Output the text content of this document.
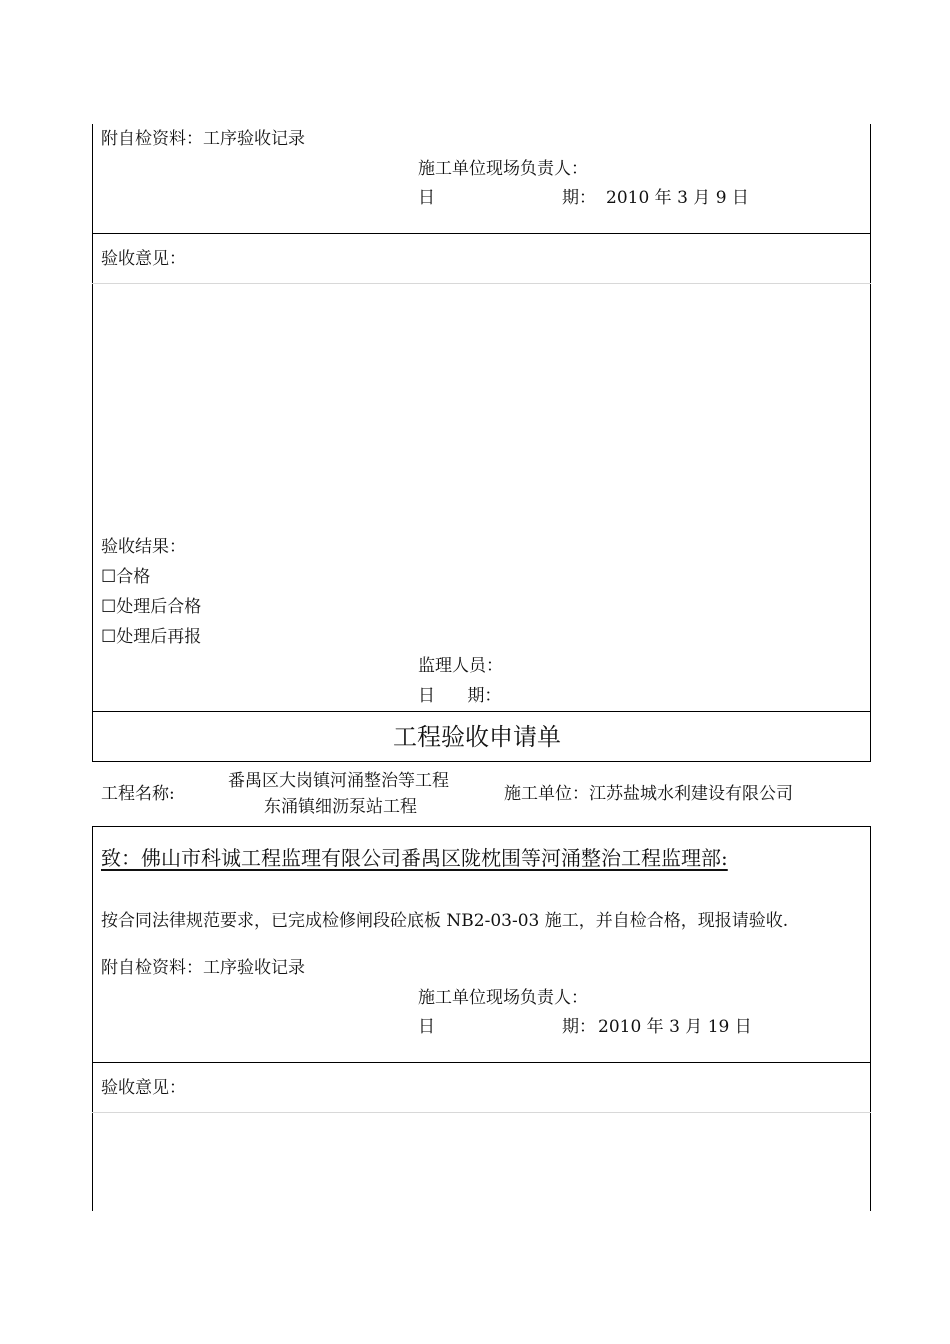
附自检资料：工序验收记录
施工单位现场负责人：
日	期： 2010 年 3 月 9 日
验收意见：
验收结果：
☐合格
☐处理后合格
☐处理后再报
监理人员：
日      期：
工程验收申请单
工程名称:
番禺区大岗镇河涌整治等工程
东涌镇细沥泵站工程
施工单位：江苏盐城水利建设有限公司
致：佛山市科诚工程监理有限公司番禺区陇枕围等河涌整治工程监理部:
按合同法律规范要求，已完成检修闸段砼底板 NB2-03-03 施工，并自检合格，现报请验收.
附自检资料：工序验收记录
施工单位现场负责人：
日	期： 2010 年 3 月 19 日
验收意见：
